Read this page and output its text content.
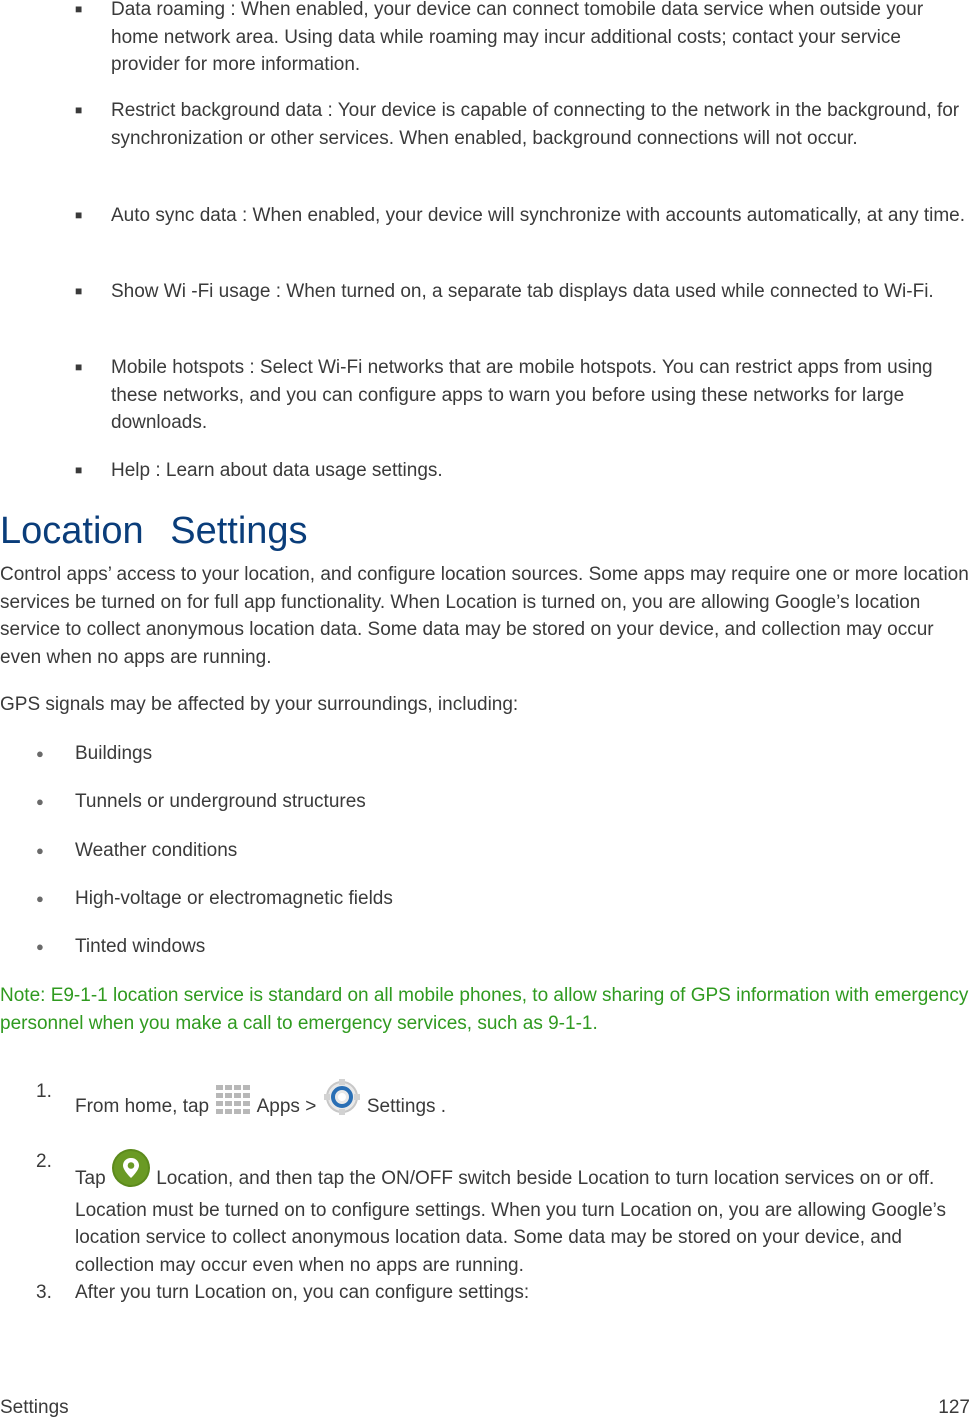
■ Data roaming : When enabled, your device can connect tomobile data service when outside your home network area. Using data while roaming may incur additional costs; contact your service provider for more information.
■ Restrict background data : Your device is capable of connecting to the network in the background, for synchronization or other services. When enabled, background connections will not occur.
■ Auto sync data : When enabled, your device will synchronize with accounts automatically, at any time.
■ Show Wi -Fi usage : When turned on, a separate tab displays data used while connected to Wi-Fi.
■ Mobile hotspots : Select Wi-Fi networks that are mobile hotspots. You can restrict apps from using these networks, and you can configure apps to warn you before using these networks for large downloads.
■ Help : Learn about data usage settings.
Location Settings

Control apps’ access to your location, and configure location sources. Some apps may require one or more location services be turned on for full app functionality. When Location is turned on, you are allowing Google’s location service to collect anonymous location data. Some data may be stored on your device, and collection may occur even when no apps are running.

GPS signals may be affected by your surroundings, including:

● Buildings
● Tunnels or underground structures
● Weather conditions
● High-voltage or electromagnetic fields
● Tinted windows
Note: E9-1-1 location service is standard on all mobile phones, to allow sharing of GPS information with emergency personnel when you make a call to emergency services, such as 9-1-1.
1.
From home, tap  Apps >  Settings .
2.
Tap  Location, and then tap the ON/OFF switch beside Location to turn location services on or off. Location must be turned on to configure settings. When you turn Location on, you are allowing Google’s location service to collect anonymous location data. Some data may be stored on your device, and collection may occur even when no apps are running.
3. After you turn Location on, you can configure settings:
Settings	127
